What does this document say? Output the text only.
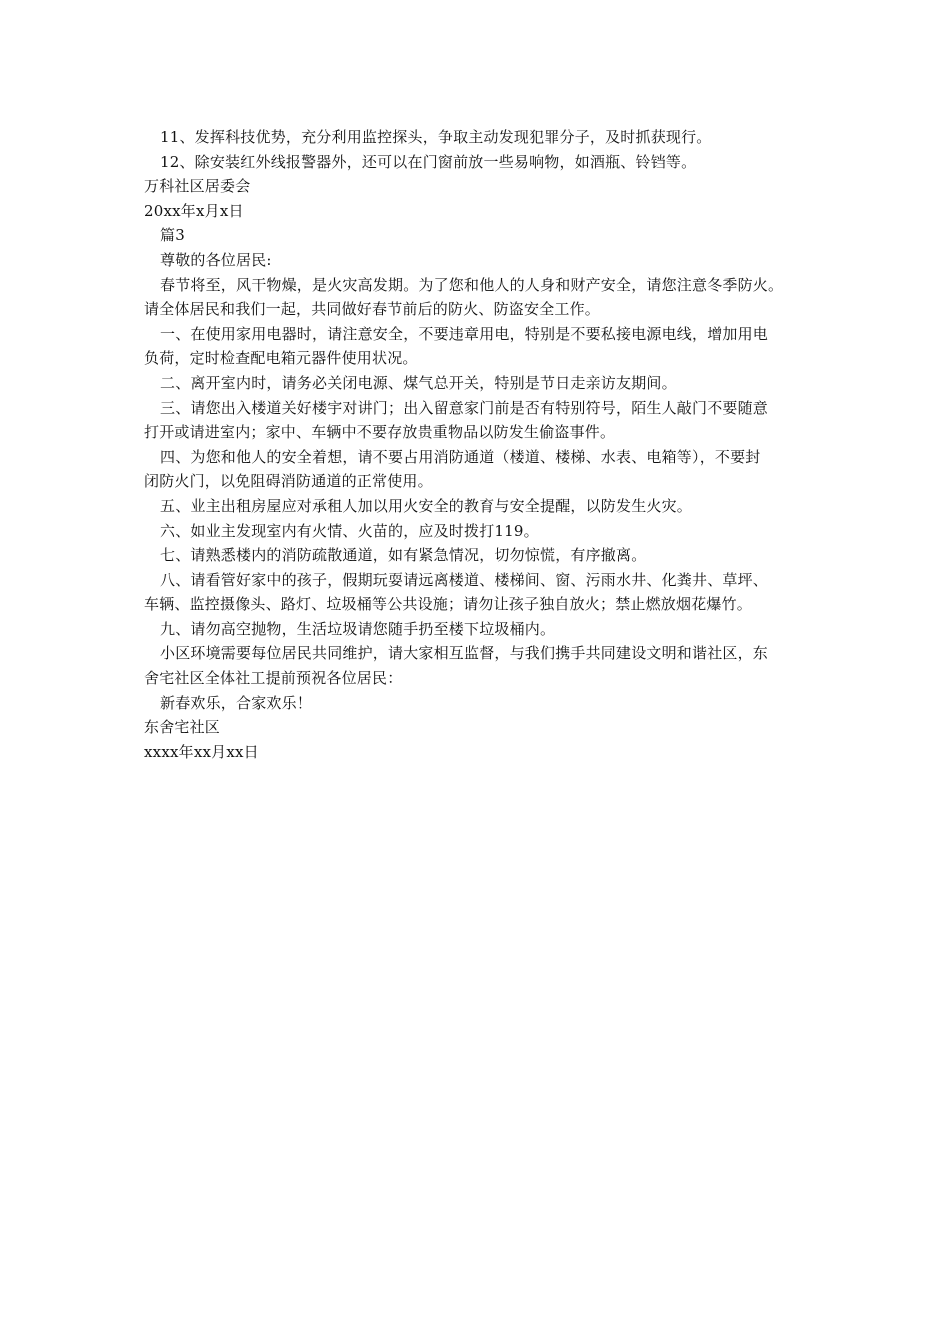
11、发挥科技优势，充分利用监控探头，争取主动发现犯罪分子，及时抓获现行。

12、除安装红外线报警器外，还可以在门窗前放一些易响物，如酒瓶、铃铛等。

万科社区居委会

20xx年x月x日

篇3

尊敬的各位居民:

春节将至，风干物燥，是火灾高发期。为了您和他人的人身和财产安全，请您注意冬季防火。

请全体居民和我们一起，共同做好春节前后的防火、防盗安全工作。

一、在使用家用电器时，请注意安全，不要违章用电，特别是不要私接电源电线，增加用电

负荷，定时检查配电箱元器件使用状况。

二、离开室内时，请务必关闭电源、煤气总开关，特别是节日走亲访友期间。

三、请您出入楼道关好楼宇对讲门；出入留意家门前是否有特别符号，陌生人敲门不要随意

打开或请进室内；家中、车辆中不要存放贵重物品以防发生偷盗事件。

四、为您和他人的安全着想，请不要占用消防通道（楼道、楼梯、水表、电箱等），不要封

闭防火门，以免阻碍消防通道的正常使用。

五、业主出租房屋应对承租人加以用火安全的教育与安全提醒，以防发生火灾。

六、如业主发现室内有火情、火苗的，应及时拨打119。

七、请熟悉楼内的消防疏散通道，如有紧急情况，切勿惊慌，有序撤离。

八、请看管好家中的孩子，假期玩耍请远离楼道、楼梯间、窗、污雨水井、化粪井、草坪、

车辆、监控摄像头、路灯、垃圾桶等公共设施；请勿让孩子独自放火；禁止燃放烟花爆竹。

九、请勿高空抛物，生活垃圾请您随手扔至楼下垃圾桶内。

小区环境需要每位居民共同维护，请大家相互监督，与我们携手共同建设文明和谐社区，东

舍宅社区全体社工提前预祝各位居民：

新春欢乐，合家欢乐！

东舍宅社区

xxxx年xx月xx日
